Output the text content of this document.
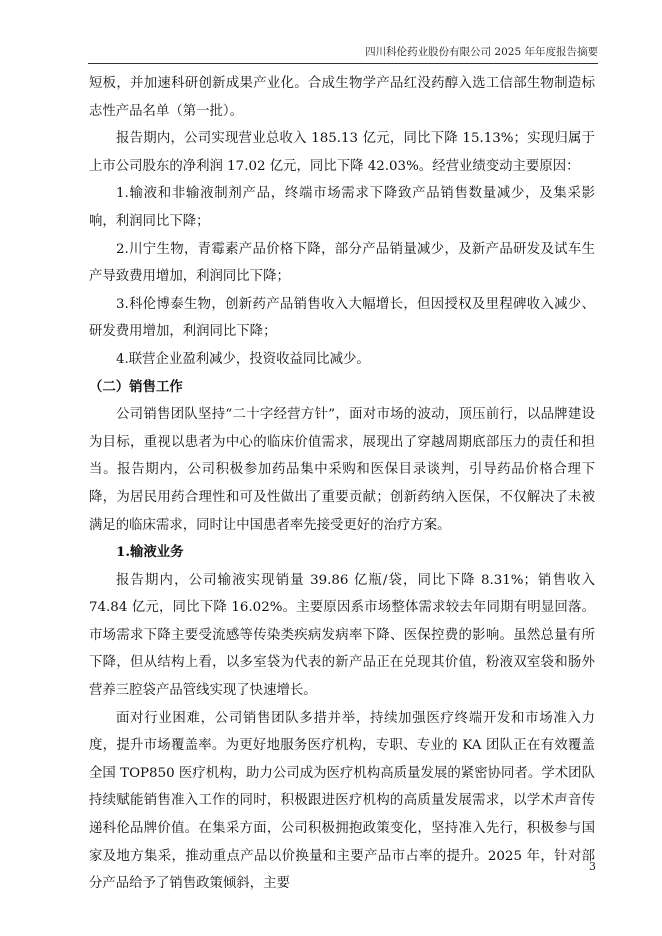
四川科伦药业股份有限公司 2025 年年度报告摘要

短板，并加速科研创新成果产业化。合成生物学产品红没药醇入选工信部生物制造标志性产品名单（第一批）。

报告期内，公司实现营业总收入 185.13 亿元，同比下降 15.13%；实现归属于上市公司股东的净利润 17.02 亿元，同比下降 42.03%。经营业绩变动主要原因：

1.输液和非输液制剂产品，终端市场需求下降致产品销售数量减少，及集采影响，利润同比下降；

2.川宁生物，青霉素产品价格下降，部分产品销量减少，及新产品研发及试车生产导致费用增加，利润同比下降；

3.科伦博泰生物，创新药产品销售收入大幅增长，但因授权及里程碑收入减少、研发费用增加，利润同比下降；

4.联营企业盈利减少，投资收益同比减少。

（二）销售工作

公司销售团队坚持“二十字经营方针”，面对市场的波动，顶压前行，以品牌建设为目标，重视以患者为中心的临床价值需求，展现出了穿越周期底部压力的责任和担当。报告期内，公司积极参加药品集中采购和医保目录谈判，引导药品价格合理下降，为居民用药合理性和可及性做出了重要贡献；创新药纳入医保，不仅解决了未被满足的临床需求，同时让中国患者率先接受更好的治疗方案。

1.输液业务

报告期内，公司输液实现销量 39.86 亿瓶/袋，同比下降 8.31%；销售收入 74.84 亿元，同比下降 16.02%。主要原因系市场整体需求较去年同期有明显回落。市场需求下降主要受流感等传染类疾病发病率下降、医保控费的影响。虽然总量有所下降，但从结构上看，以多室袋为代表的新产品正在兑现其价值，粉液双室袋和肠外营养三腔袋产品管线实现了快速增长。

面对行业困难，公司销售团队多措并举，持续加强医疗终端开发和市场准入力度，提升市场覆盖率。为更好地服务医疗机构，专职、专业的 KA 团队正在有效覆盖全国 TOP850 医疗机构，助力公司成为医疗机构高质量发展的紧密协同者。学术团队持续赋能销售准入工作的同时，积极跟进医疗机构的高质量发展需求，以学术声音传递科伦品牌价值。在集采方面，公司积极拥抱政策变化，坚持准入先行，积极参与国家及地方集采，推动重点产品以价换量和主要产品市占率的提升。2025 年，针对部分产品给予了销售政策倾斜，主要

3
